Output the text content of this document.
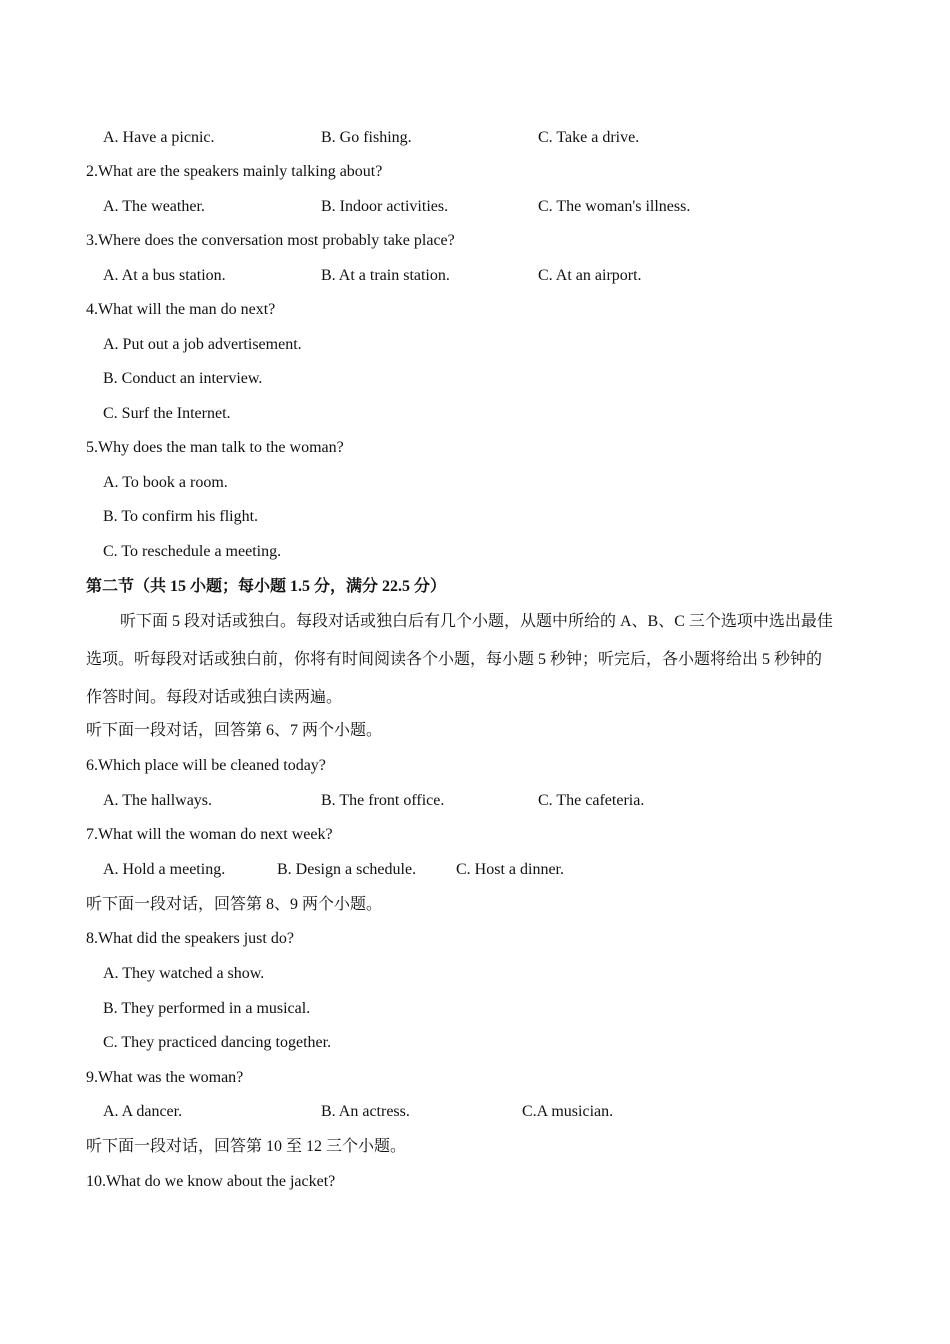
A. Have a picnic.	B. Go fishing.	C. Take a drive.
2.What are the speakers mainly talking about?
A. The weather.	B. Indoor activities.	C. The woman's illness.
3.Where does the conversation most probably take place?
A. At a bus station.	B. At a train station.	C. At an airport.
4.What will the man do next?
A. Put out a job advertisement.
B. Conduct an interview.
C. Surf the Internet.
5.Why does the man talk to the woman?
A. To book a room.
B. To confirm his flight.
C. To reschedule a meeting.
第二节（共 15 小题；每小题 1.5 分，满分 22.5 分）
听下面 5 段对话或独白。每段对话或独白后有几个小题，从题中所给的 A、B、C 三个选项中选出最佳
选项。听每段对话或独白前，你将有时间阅读各个小题，每小题 5 秒钟；听完后，各小题将给出 5 秒钟的
作答时间。每段对话或独白读两遍。
听下面一段对话，回答第 6、7 两个小题。
6.Which place will be cleaned today?
A. The hallways.	B. The front office.	C. The cafeteria.
7.What will the woman do next week?
A. Hold a meeting.	B. Design a schedule. C. Host a dinner.
听下面一段对话，回答第 8、9 两个小题。
8.What did the speakers just do?
A. They watched a show.
B. They performed in a musical.
C. They practiced dancing together.
9.What was the woman?
A. A dancer.	B. An actress.	C.A musician.
听下面一段对话，回答第 10 至 12 三个小题。
10.What do we know about the jacket?
